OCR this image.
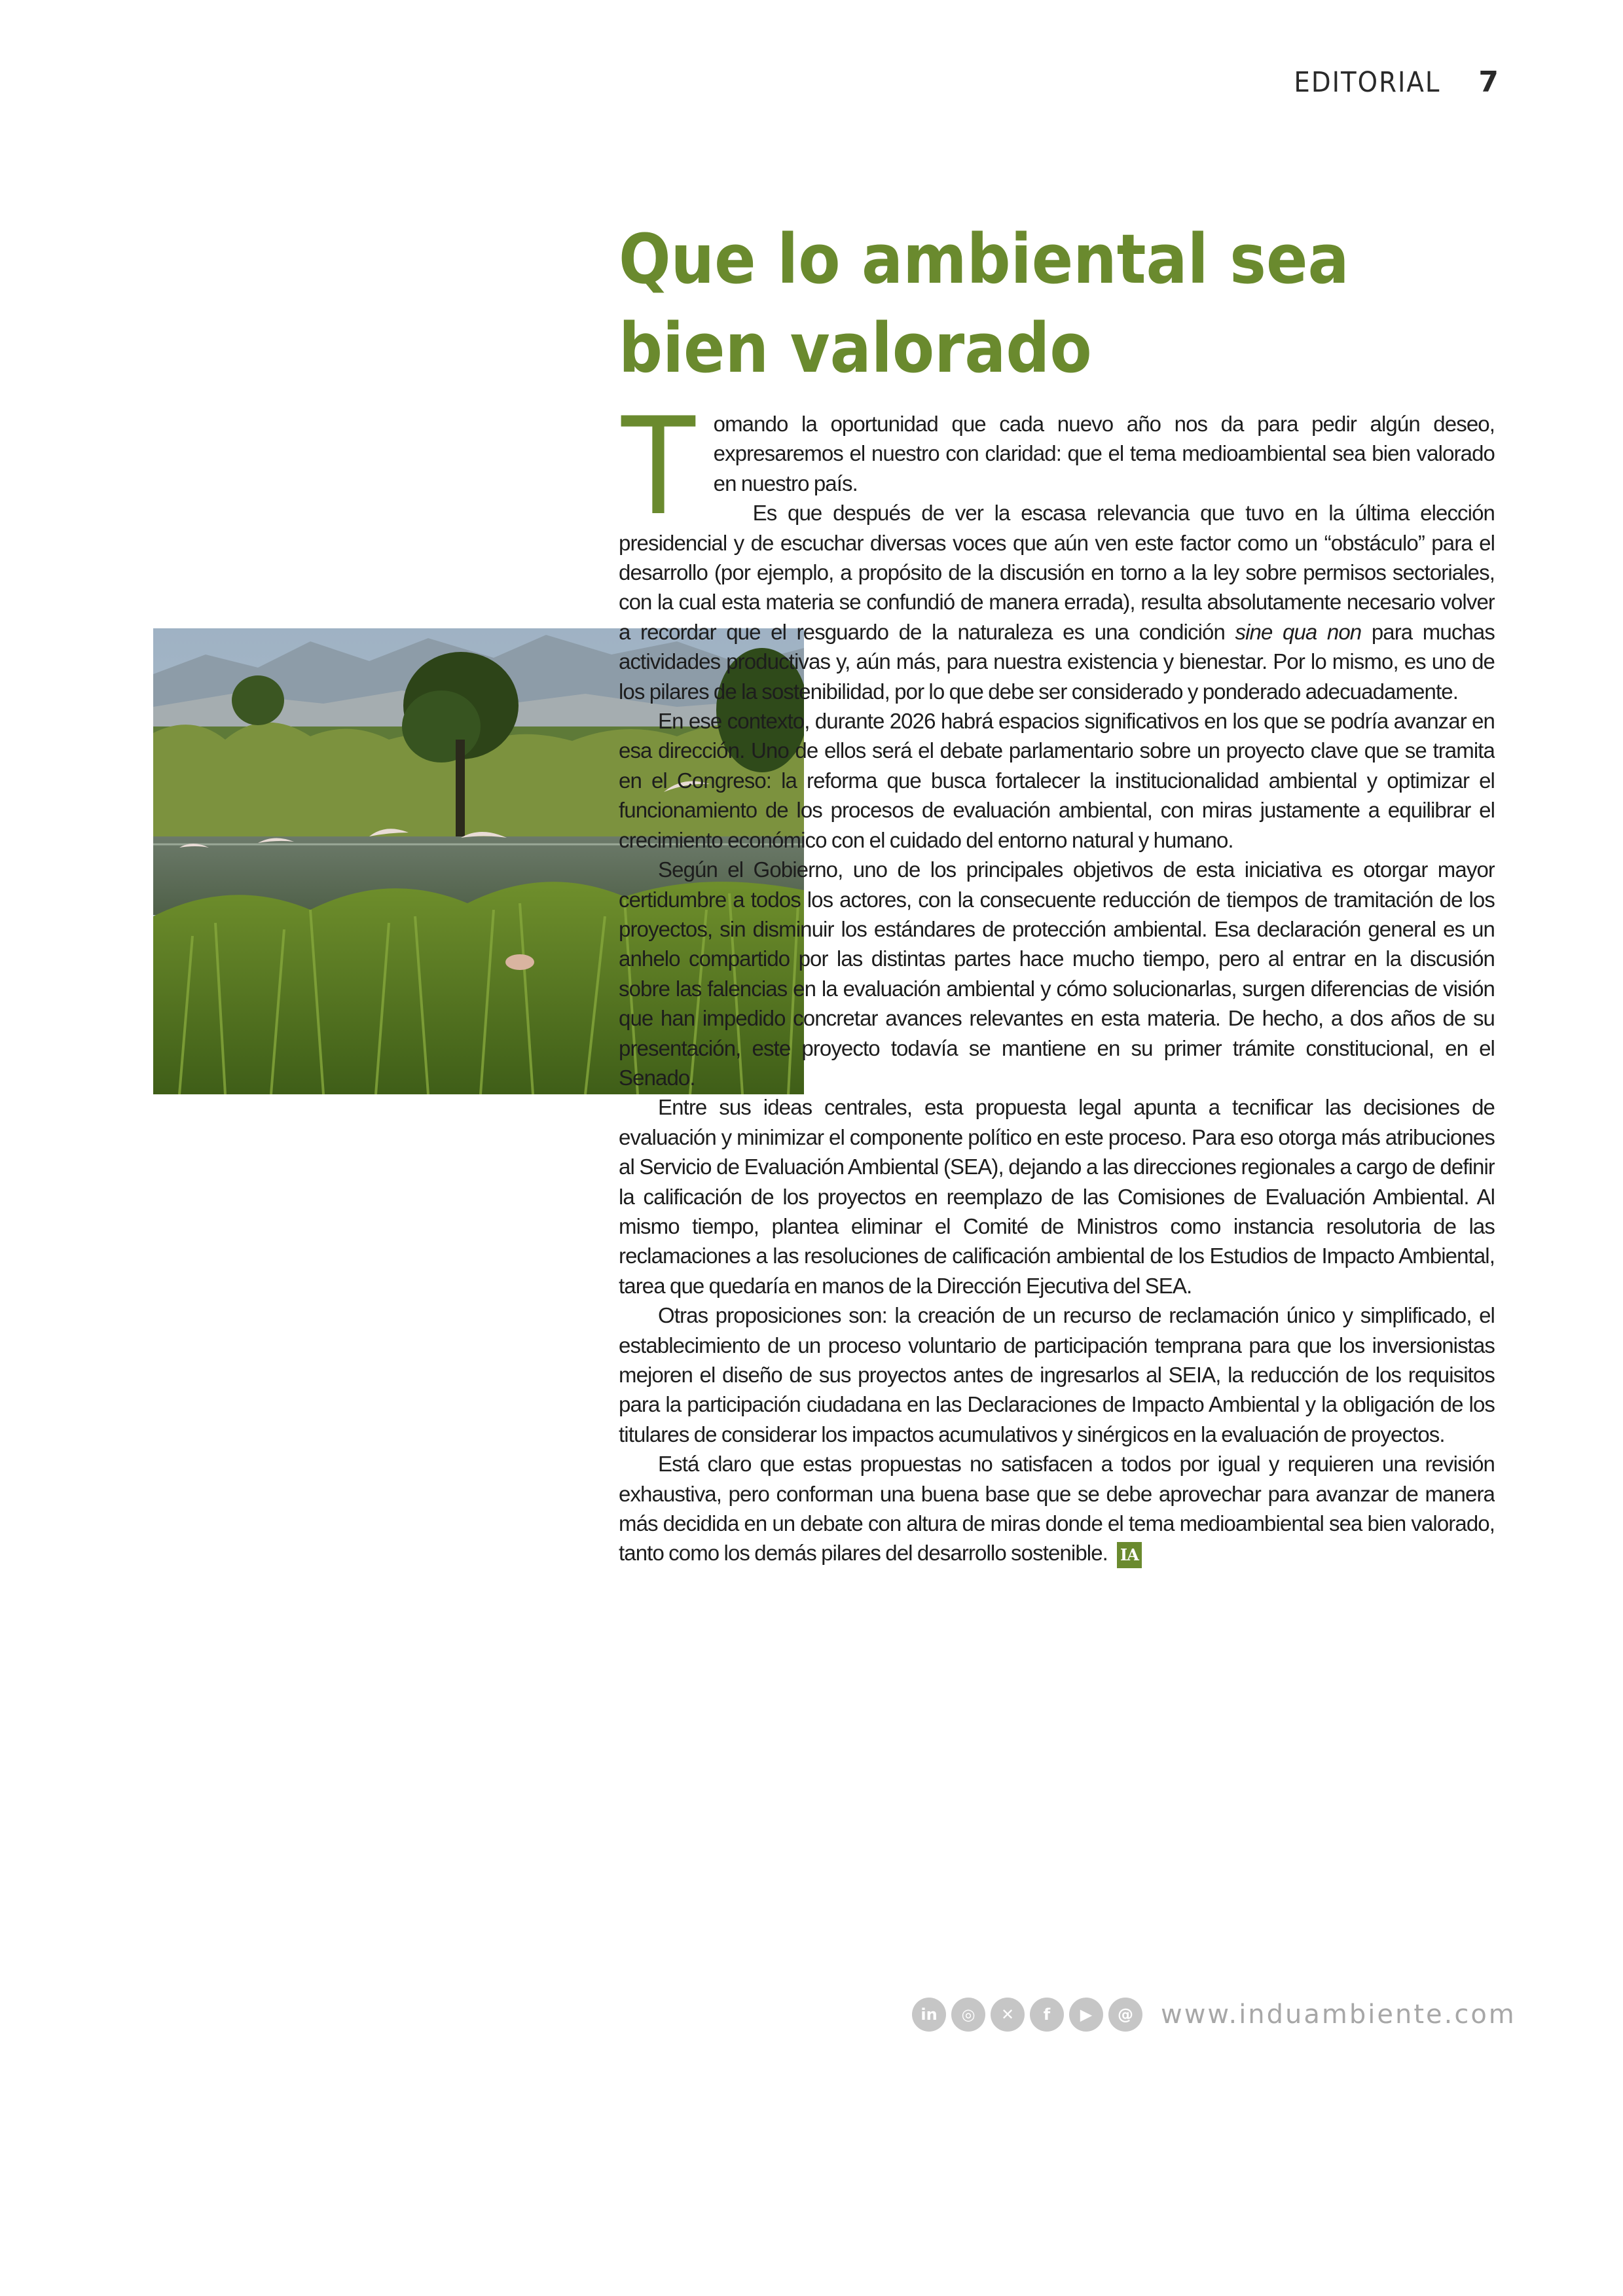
EDITORIAL 7
Que lo ambiental sea
bien valorado
T omando la oportunidad que cada nuevo año nos da para pedir algún deseo, expresaremos el nuestro con claridad: que el tema medioambiental sea bien valorado en nuestro país.

Es que después de ver la escasa relevancia que tuvo en la última elección presidencial y de escuchar diversas voces que aún ven este factor como un “obstáculo” para el desarrollo (por ejemplo, a propósito de la discusión en torno a la ley sobre permisos sectoriales, con la cual esta materia se confundió de manera errada), resulta absolutamente necesario volver a recordar que el resguardo de la naturaleza es una condición sine qua non para muchas actividades productivas y, aún más, para nuestra existencia y bienestar. Por lo mismo, es uno de los pilares de la sostenibilidad, por lo que debe ser considerado y ponderado adecuadamente.

En ese contexto, durante 2026 habrá espacios significativos en los que se podría avanzar en esa dirección. Uno de ellos será el debate parlamentario sobre un proyecto clave que se tramita en el Congreso: la reforma que busca fortalecer la institucionalidad ambiental y optimizar el funcionamiento de los procesos de evaluación ambiental, con miras justamente a equilibrar el crecimiento económico con el cuidado del entorno natural y humano.

Según el Gobierno, uno de los principales objetivos de esta iniciativa es otorgar mayor certidumbre a todos los actores, con la consecuente reducción de tiempos de tramitación de los proyectos, sin disminuir los estándares de protección ambiental. Esa declaración general es un anhelo compartido por las distintas partes hace mucho tiempo, pero al entrar en la discusión sobre las falencias en la evaluación ambiental y cómo solucionarlas, surgen diferencias de visión que han impedido concretar avances relevantes en esta materia. De hecho, a dos años de su presentación, este proyecto todavía se mantiene en su primer trámite constitucional, en el Senado.

Entre sus ideas centrales, esta propuesta legal apunta a tecnificar las decisiones de evaluación y minimizar el componente político en este proceso. Para eso otorga más atribuciones al Servicio de Evaluación Ambiental (SEA), dejando a las direcciones regionales a cargo de definir la calificación de los proyectos en reemplazo de las Comisiones de Evaluación Ambiental. Al mismo tiempo, plantea eliminar el Comité de Ministros como instancia resolutoria de las reclamaciones a las resoluciones de calificación ambiental de los Estudios de Impacto Ambiental, tarea que quedaría en manos de la Dirección Ejecutiva del SEA.

Otras proposiciones son: la creación de un recurso de reclamación único y simplificado, el establecimiento de un proceso voluntario de participación temprana para que los inversionistas mejoren el diseño de sus proyectos antes de ingresarlos al SEIA, la reducción de los requisitos para la participación ciudadana en las Declaraciones de Impacto Ambiental y la obligación de los titulares de considerar los impactos acumulativos y sinérgicos en la evaluación de proyectos.

Está claro que estas propuestas no satisfacen a todos por igual y requieren una revisión exhaustiva, pero conforman una buena base que se debe aprovechar para avanzar de manera más decidida en un debate con altura de miras donde el tema medioambiental sea bien valorado, tanto como los demás pilares del desarrollo sostenible. IA

in	◎	✕	f	▶	@	www.induambiente.com
